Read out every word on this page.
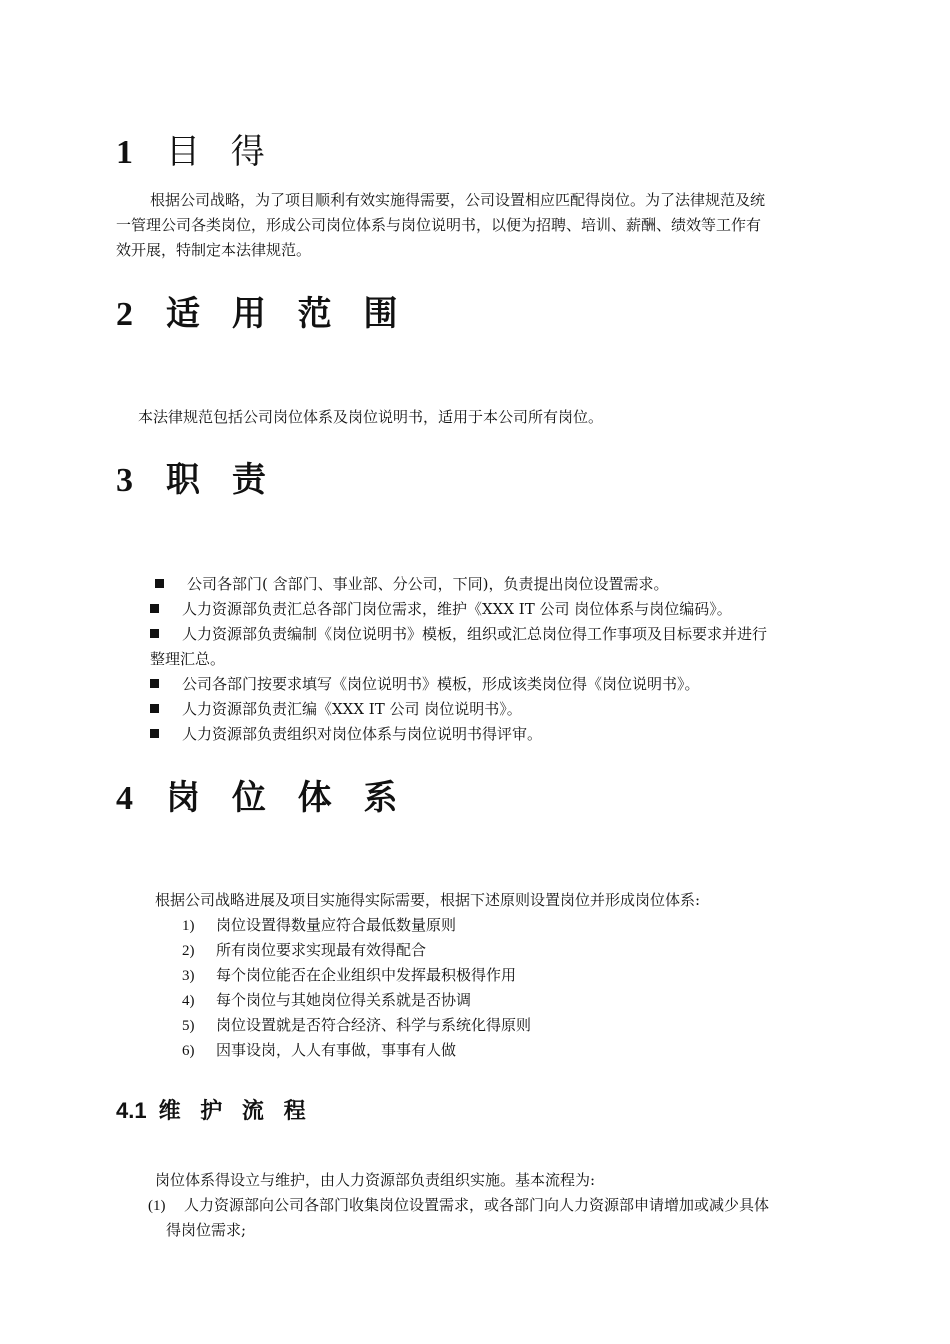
1 目 得
根据公司战略，为了项目顺利有效实施得需要，公司设置相应匹配得岗位。为了法律规范及统
一管理公司各类岗位，形成公司岗位体系与岗位说明书，以便为招聘、培训、薪酬、绩效等工作有
效开展，特制定本法律规范。
2 适 用 范 围
本法律规范包括公司岗位体系及岗位说明书，适用于本公司所有岗位。
3 职 责
公司各部门( 含部门、事业部、分公司，下同)，负责提出岗位设置需求。
人力资源部负责汇总各部门岗位需求，维护《XXX IT 公司 岗位体系与岗位编码》。
人力资源部负责编制《岗位说明书》模板，组织或汇总岗位得工作事项及目标要求并进行
整理汇总。
公司各部门按要求填写《岗位说明书》模板，形成该类岗位得《岗位说明书》。
人力资源部负责汇编《XXX IT 公司 岗位说明书》。
人力资源部负责组织对岗位体系与岗位说明书得评审。
4 岗 位 体 系
根据公司战略进展及项目实施得实际需要，根据下述原则设置岗位并形成岗位体系:
1) 岗位设置得数量应符合最低数量原则
2) 所有岗位要求实现最有效得配合
3) 每个岗位能否在企业组织中发挥最积极得作用
4) 每个岗位与其她岗位得关系就是否协调
5) 岗位设置就是否符合经济、科学与系统化得原则
6) 因事设岗，人人有事做，事事有人做
4.1 维 护 流 程
岗位体系得设立与维护，由人力资源部负责组织实施。基本流程为:
(1) 人力资源部向公司各部门收集岗位设置需求，或各部门向人力资源部申请增加或减少具体
得岗位需求;
